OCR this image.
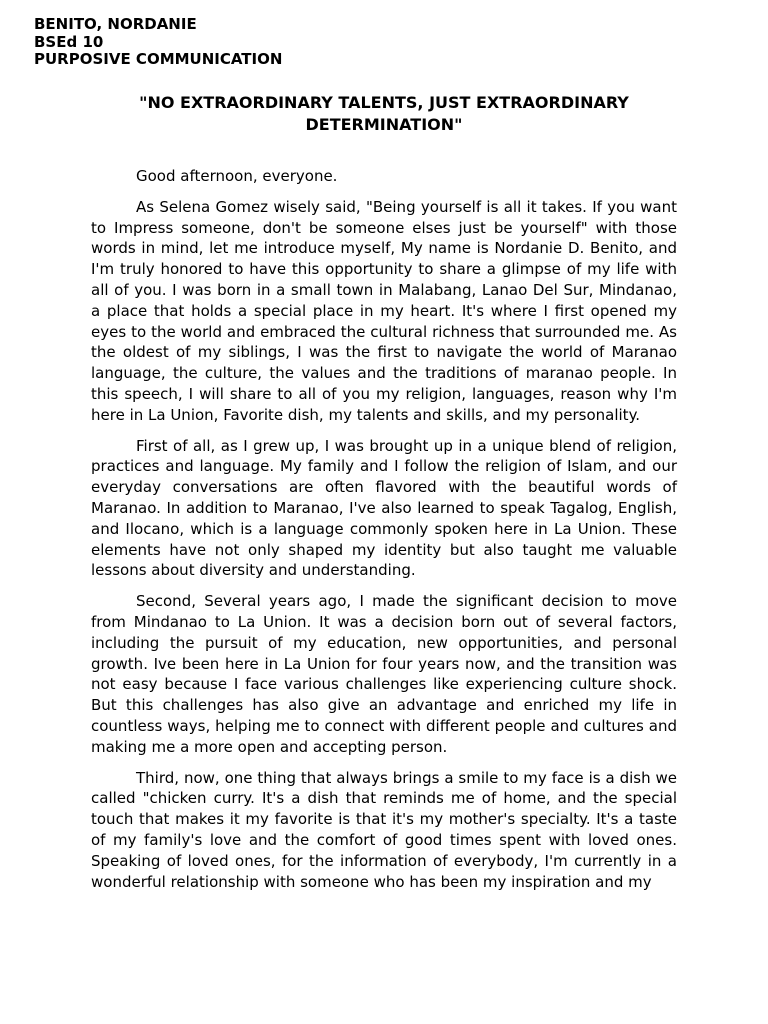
BENITO, NORDANIE
BSEd 10
PURPOSIVE COMMUNICATION
"NO EXTRAORDINARY TALENTS, JUST EXTRAORDINARY DETERMINATION"

Good afternoon, everyone.

As Selena Gomez wisely said, "Being yourself is all it takes. If you want to Impress someone, don't be someone elses just be yourself" with those words in mind, let me introduce myself, My name is Nordanie D. Benito, and I'm truly honored to have this opportunity to share a glimpse of my life with all of you. I was born in a small town in Malabang, Lanao Del Sur, Mindanao, a place that holds a special place in my heart. It's where I first opened my eyes to the world and embraced the cultural richness that surrounded me. As the oldest of my siblings, I was the first to navigate the world of Maranao language, the culture, the values and the traditions of maranao people. In this speech, I will share to all of you my religion, languages, reason why I'm here in La Union, Favorite dish, my talents and skills, and my personality.

First of all, as I grew up, I was brought up in a unique blend of religion, practices and language. My family and I follow the religion of Islam, and our everyday conversations are often flavored with the beautiful words of Maranao. In addition to Maranao, I've also learned to speak Tagalog, English, and Ilocano, which is a language commonly spoken here in La Union. These elements have not only shaped my identity but also taught me valuable lessons about diversity and understanding.

Second, Several years ago, I made the significant decision to move from Mindanao to La Union. It was a decision born out of several factors, including the pursuit of my education, new opportunities, and personal growth. Ive been here in La Union for four years now, and the transition was not easy because I face various challenges like experiencing culture shock. But this challenges has also give an advantage and enriched my life in countless ways, helping me to connect with different people and cultures and making me a more open and accepting person.

Third, now, one thing that always brings a smile to my face is a dish we called "chicken curry. It's a dish that reminds me of home, and the special touch that makes it my favorite is that it's my mother's specialty. It's a taste of my family's love and the comfort of good times spent with loved ones. Speaking of loved ones, for the information of everybody, I'm currently in a wonderful relationship with someone who has been my inspiration and my
